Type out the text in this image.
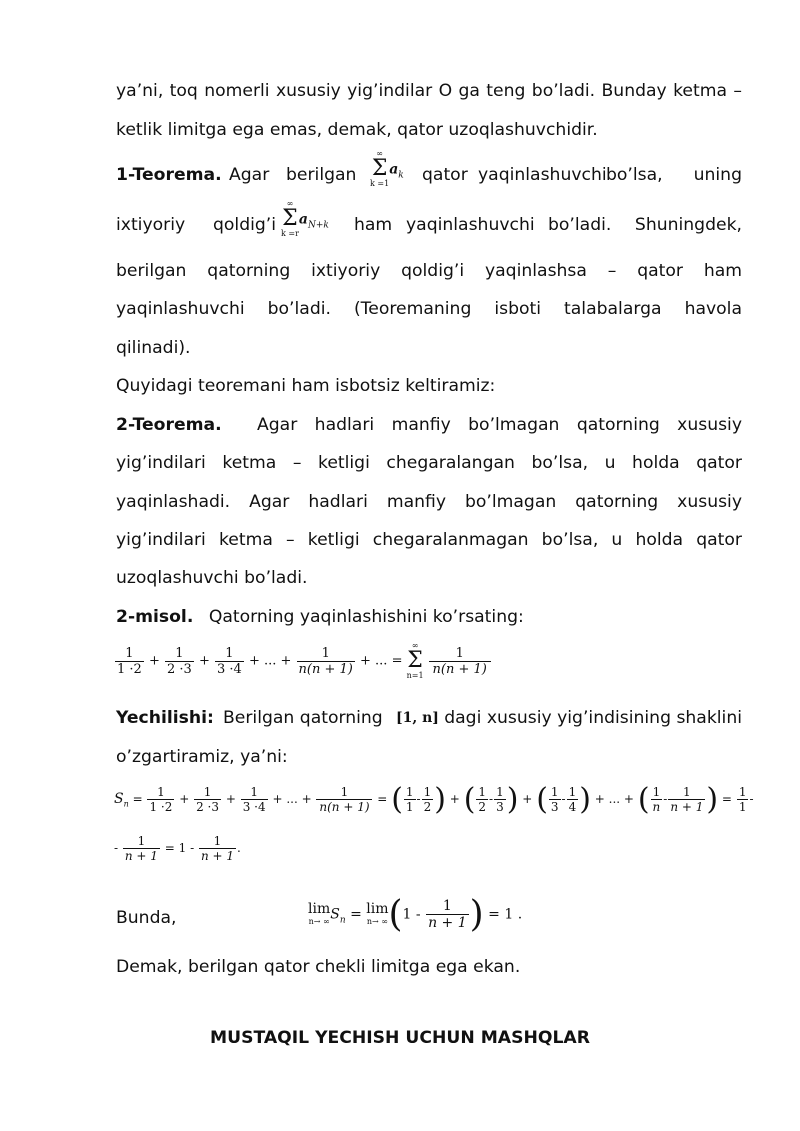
ya’ni, toq nomerli xususiy yig’indilar O ga teng bo’ladi. Bunday ketma –
ketlik limitga ega emas, demak, qator uzoqlashuvchidir.
1-Teorema. Agar berilgan	qator yaqinlashuvchi bo’lsa, uning
∞
Σ
k =1
$a_k$
ixtiyoriy qoldig’i	ham yaqinlashuvchi bo’ladi. Shuningdek,
∞
Σ
k =r
$a_{N+k}$
berilgan qatorning ixtiyoriy qoldig’i yaqinlashsa – qator ham
yaqinlashuvchi bo’ladi. (Teoremaning isboti talabalarga havola
qilinadi).
Quyidagi teoremani ham isbotsiz keltiramiz:
2-Teorema. Agar hadlari manfiy bo’lmagan qatorning xususiy
yig’indilari ketma – ketligi chegaralangan bo’lsa, u holda qator
yaqinlashadi. Agar hadlari manfiy bo’lmagan qatorning xususiy
yig’indilari ketma – ketligi chegaralanmagan bo’lsa, u holda qator
uzoqlashuvchi bo’ladi.
2-misol. Qatorning yaqinlashishini ko’rsating:
$\frac{1}{1 \cdot 2} + \frac{1}{2 \cdot 3} + \frac{1}{3 \cdot 4}$ + ... + $\frac{1}{n(n + 1)}$ + ... =
∞
Σ
n=1
$\frac{1}{n(n + 1)}$
Yechilishi: Berilgan qatorning [1, n] dagi xususiy yig’indisining shaklini
o’zgartiramiz, ya’ni:
$S_n = \frac{1}{1 \cdot 2} + \frac{1}{2 \cdot 3} + \frac{1}{3 \cdot 4}$ + ... + $\frac{1}{n(n + 1)}$ = ( $\frac{1}{1} - \frac{1}{2}$ ) + ( $\frac{1}{2} - \frac{1}{3}$ ) + ( $\frac{1}{3} - \frac{1}{4}$ ) + ... + ( $\frac{1}{n} - \frac{1}{n + 1}$ ) = $\frac{1}{1}$ -
- $\frac{1}{n + 1} = 1 - \frac{1}{n + 1}$ .
Bunda,	lim
n→ ∞ $S_n = \lim$
n→ ∞ ($1 - \frac{1}{n + 1}$ ) = 1 .
Demak, berilgan qator chekli limitga ega ekan.
MUSTAQIL YECHISH UCHUN MASHQLAR
